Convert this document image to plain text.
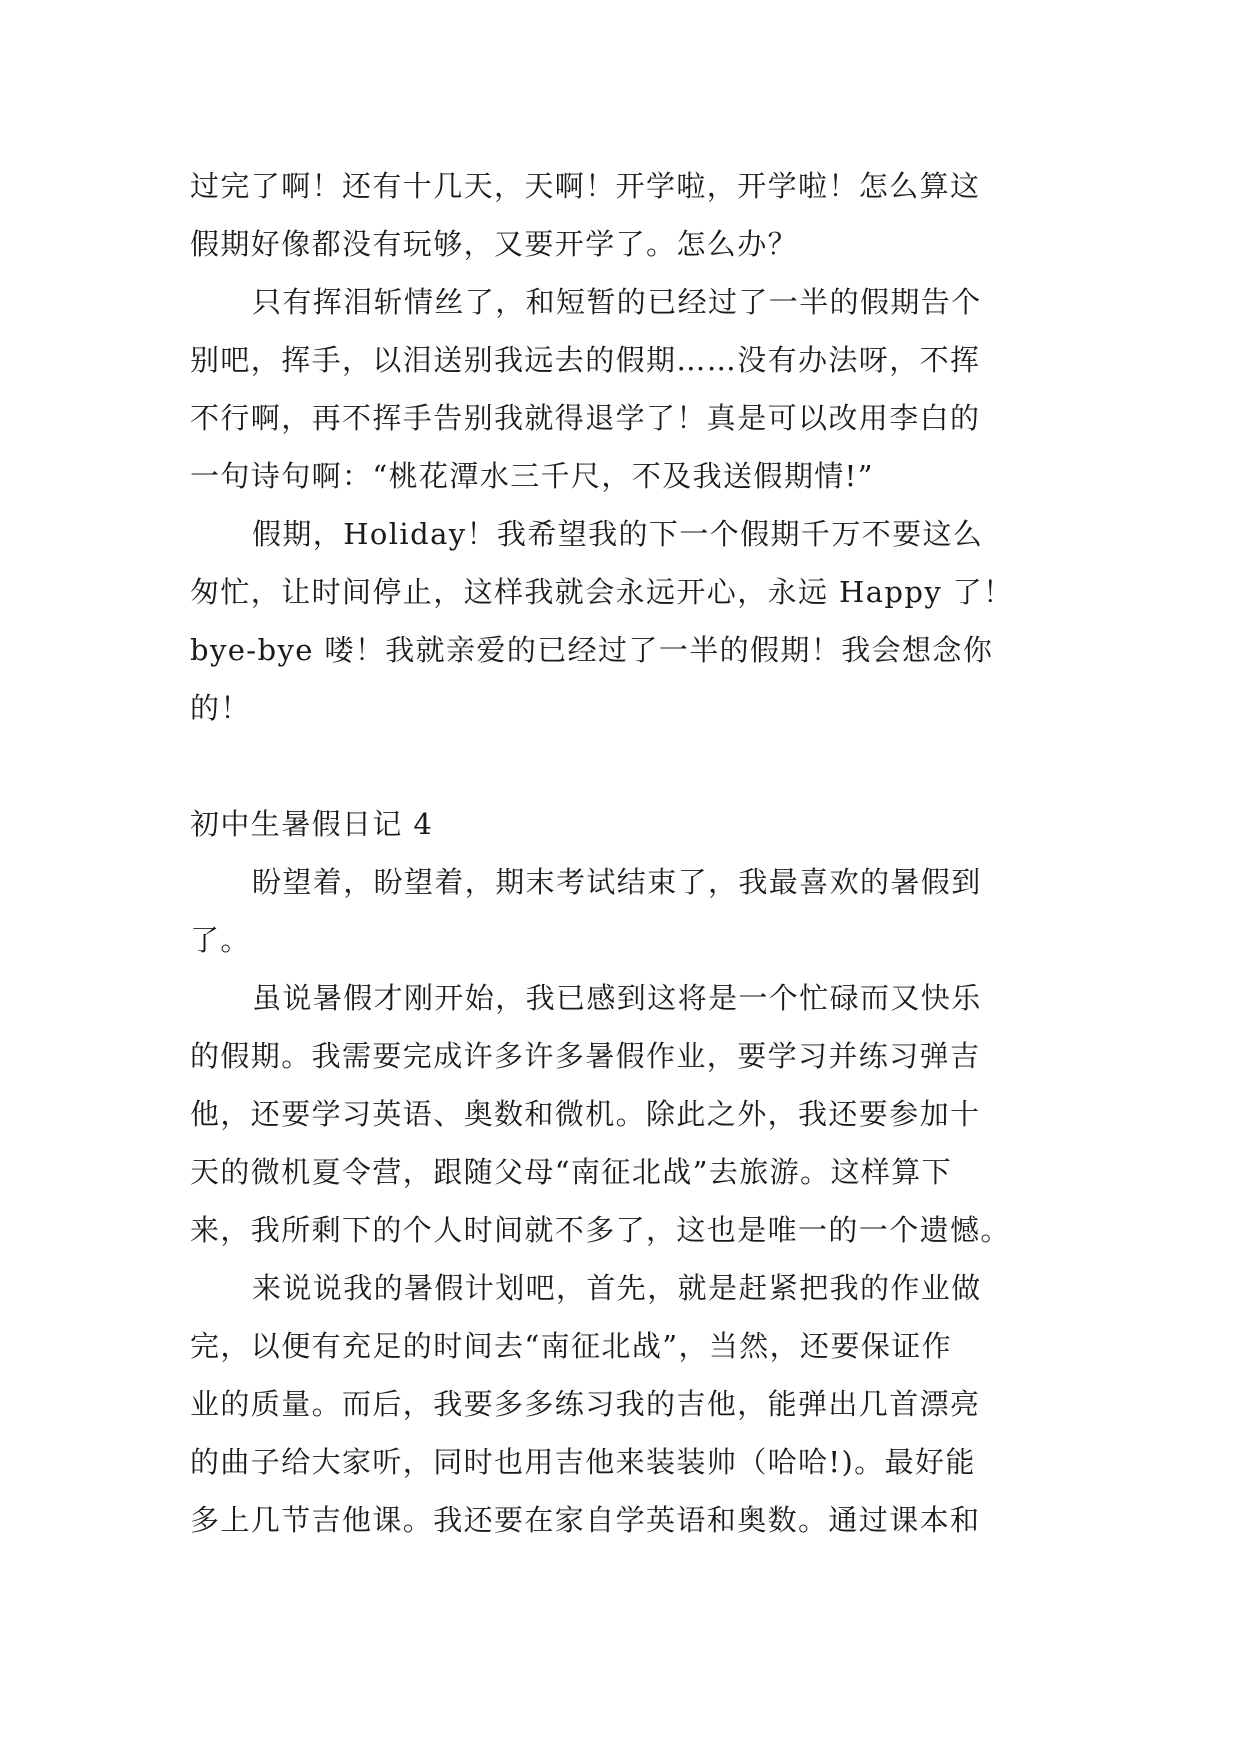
过完了啊！还有十几天，天啊！开学啦，开学啦！怎么算这
假期好像都没有玩够，又要开学了。怎么办？
只有挥泪斩情丝了，和短暂的已经过了一半的假期告个
别吧，挥手，以泪送别我远去的假期……没有办法呀，不挥
不行啊，再不挥手告别我就得退学了！真是可以改用李白的
一句诗句啊：“桃花潭水三千尺，不及我送假期情!”
假期，Holiday！我希望我的下一个假期千万不要这么
匆忙，让时间停止，这样我就会永远开心，永远 Happy 了！
bye-bye 喽！我就亲爱的已经过了一半的假期！我会想念你
的！
初中生暑假日记 4
盼望着，盼望着，期末考试结束了，我最喜欢的暑假到
了。
虽说暑假才刚开始，我已感到这将是一个忙碌而又快乐
的假期。我需要完成许多许多暑假作业，要学习并练习弹吉
他，还要学习英语、奥数和微机。除此之外，我还要参加十
天的微机夏令营，跟随父母“南征北战”去旅游。这样算下
来，我所剩下的个人时间就不多了，这也是唯一的一个遗憾。
来说说我的暑假计划吧，首先，就是赶紧把我的作业做
完，以便有充足的时间去“南征北战”，当然，还要保证作
业的质量。而后，我要多多练习我的吉他，能弹出几首漂亮
的曲子给大家听，同时也用吉他来装装帅（哈哈!)。最好能
多上几节吉他课。我还要在家自学英语和奥数。通过课本和
